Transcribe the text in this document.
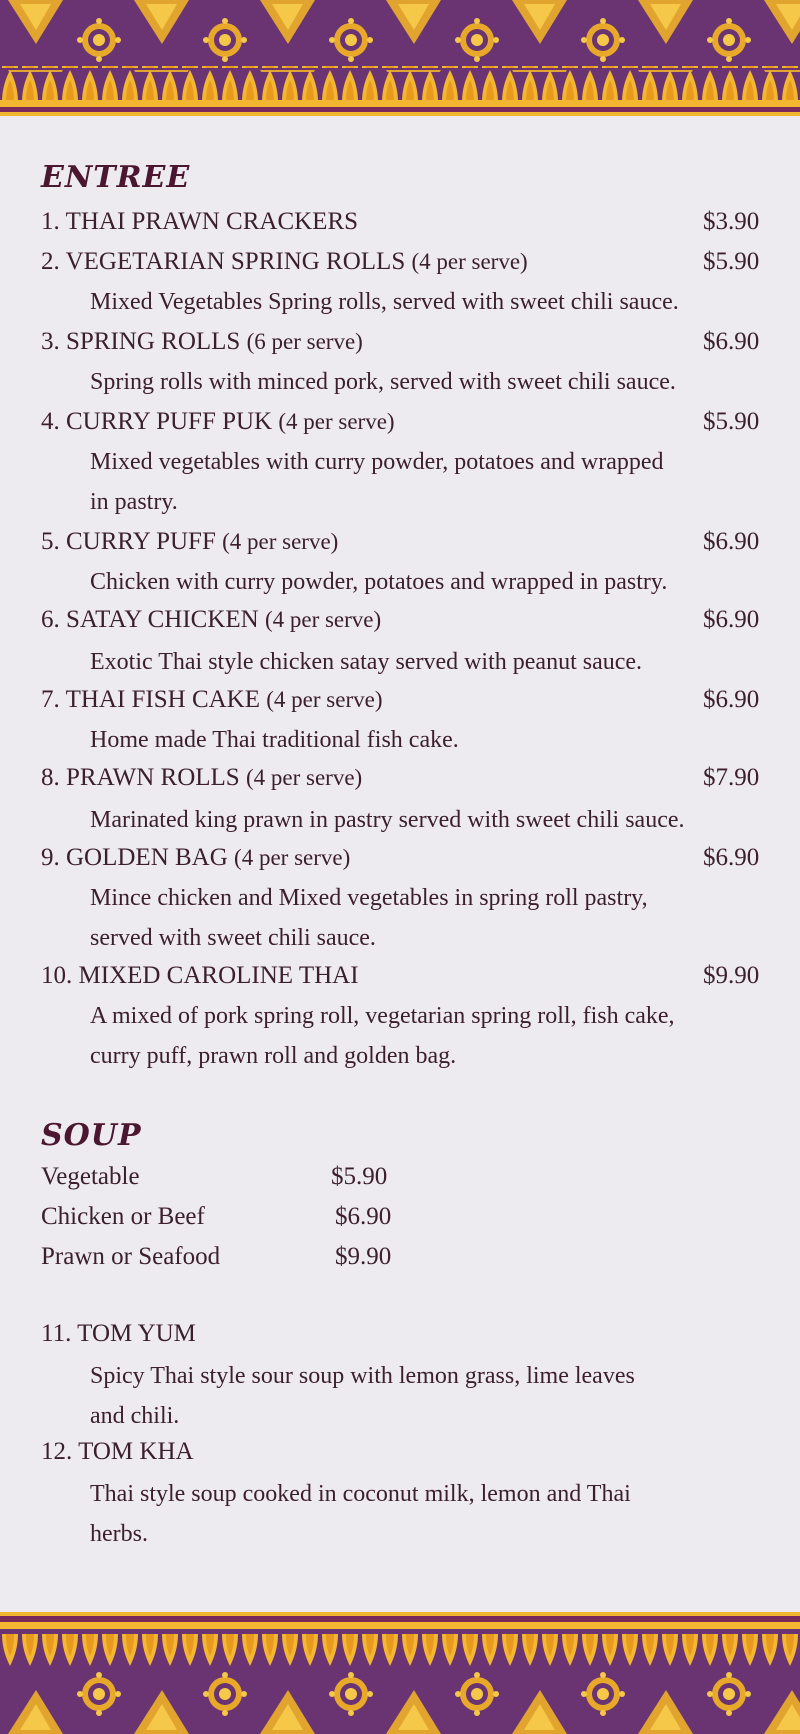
ENTREE
1. THAI PRAWN CRACKERS	$3.90
2. VEGETARIAN SPRING ROLLS (4 per serve)	$5.90
Mixed Vegetables Spring rolls, served with sweet chili sauce.
3. SPRING ROLLS (6 per serve)	$6.90
Spring rolls with minced pork, served with sweet chili sauce.
4. CURRY PUFF PUK (4 per serve)	$5.90
Mixed vegetables with curry powder, potatoes and wrapped
in pastry.
5. CURRY PUFF (4 per serve)	$6.90
Chicken with curry powder, potatoes and wrapped in pastry.
6. SATAY CHICKEN (4 per serve)	$6.90
Exotic Thai style chicken satay served with peanut sauce.
7. THAI FISH CAKE (4 per serve)	$6.90
Home made Thai traditional fish cake.
8. PRAWN ROLLS (4 per serve)	$7.90
Marinated king prawn in pastry served with sweet chili sauce.
9. GOLDEN BAG (4 per serve)	$6.90
Mince chicken and Mixed vegetables in spring roll pastry,
served with sweet chili sauce.
10. MIXED CAROLINE THAI	$9.90
A mixed of pork spring roll, vegetarian spring roll, fish cake,
curry puff, prawn roll and golden bag.
SOUP
Vegetable	$5.90
Chicken or Beef	$6.90
Prawn or Seafood	$9.90
11. TOM YUM
Spicy Thai style sour soup with lemon grass, lime leaves
and chili.
12. TOM KHA
Thai style soup cooked in coconut milk, lemon and Thai
herbs.
